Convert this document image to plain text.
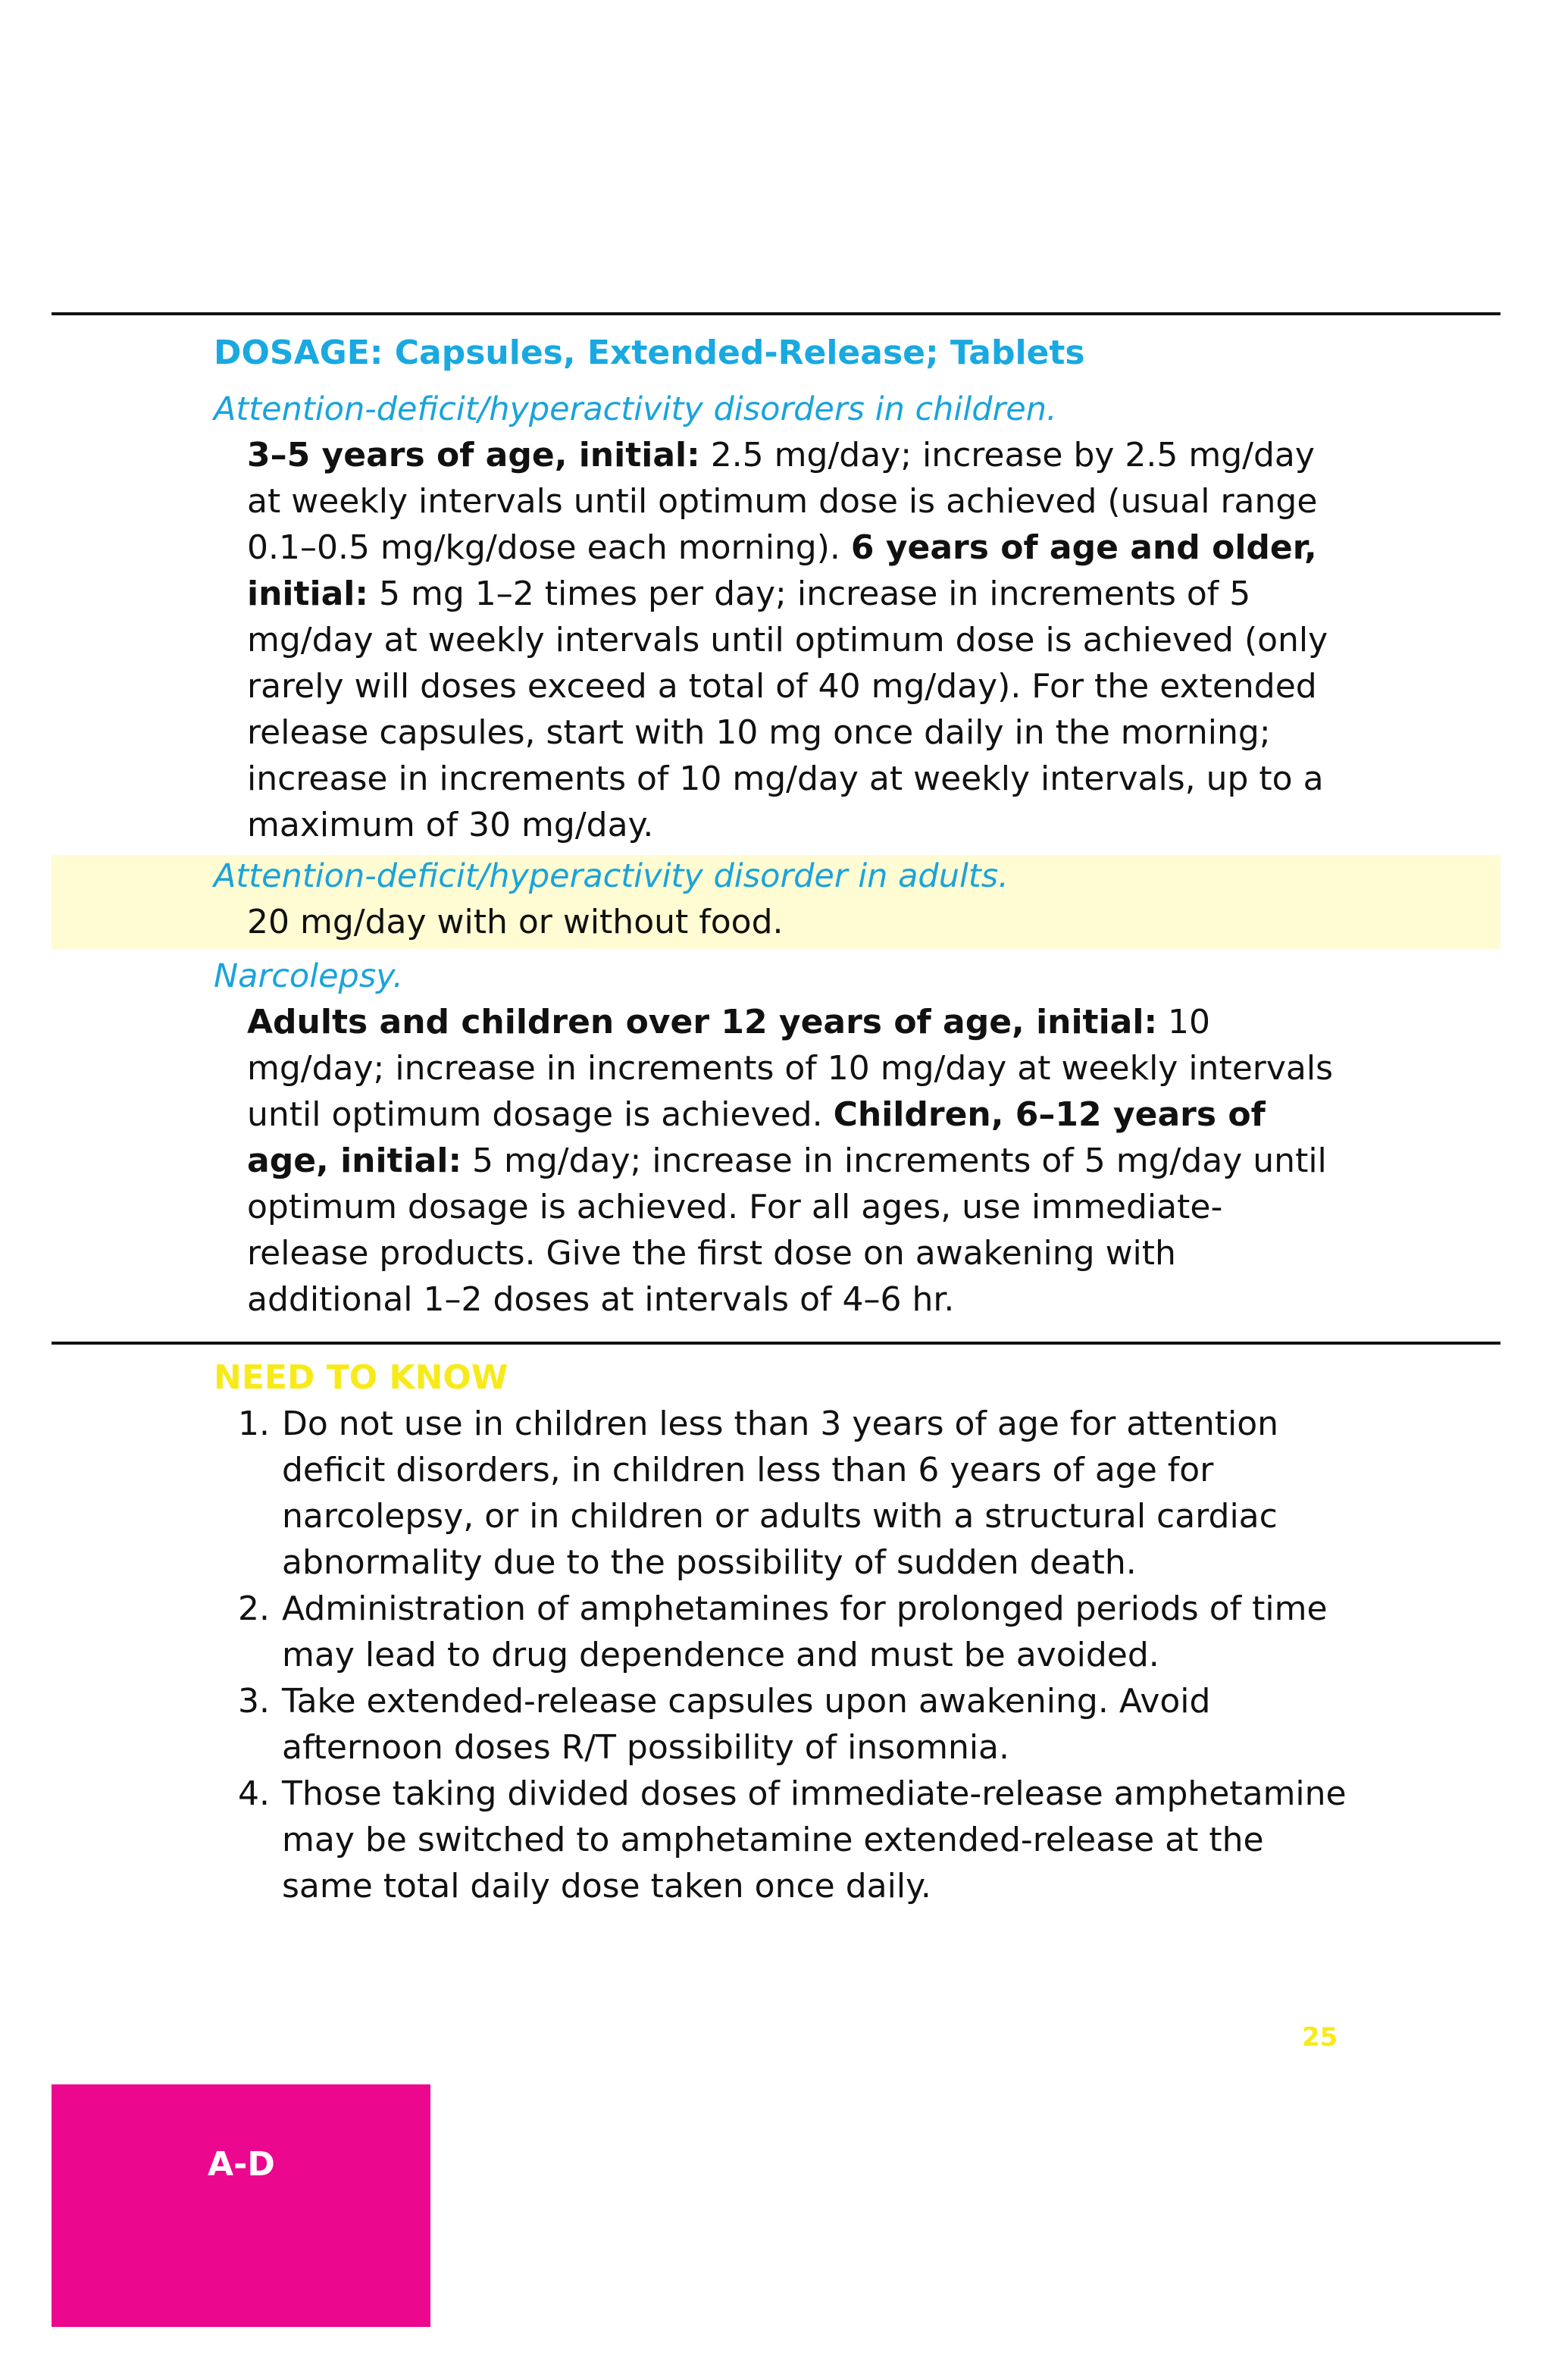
DOSAGE: Capsules, Extended-Release; Tablets
Attention-deficit/hyperactivity disorders in children.
3–5 years of age, initial: 2.5 mg/day; increase by 2.5 mg/day at weekly intervals until optimum dose is achieved (usual range 0.1–0.5 mg/kg/dose each morning). 6 years of age and older, initial: 5 mg 1–2 times per day; increase in increments of 5 mg/day at weekly intervals until optimum dose is achieved (only rarely will doses exceed a total of 40 mg/day). For the extended release capsules, start with 10 mg once daily in the morning; increase in increments of 10 mg/day at weekly intervals, up to a maximum of 30 mg/day.
Attention-deficit/hyperactivity disorder in adults.
20 mg/day with or without food.
Narcolepsy.
Adults and children over 12 years of age, initial: 10 mg/day; increase in increments of 10 mg/day at weekly intervals until optimum dosage is achieved. Children, 6–12 years of age, initial: 5 mg/day; increase in increments of 5 mg/day until optimum dosage is achieved. For all ages, use immediate-release products. Give the first dose on awakening with additional 1–2 doses at intervals of 4–6 hr.
NEED TO KNOW
1. Do not use in children less than 3 years of age for attention deficit disorders, in children less than 6 years of age for narcolepsy, or in children or adults with a structural cardiac abnormality due to the possibility of sudden death.
2. Administration of amphetamines for prolonged periods of time may lead to drug dependence and must be avoided.
3. Take extended-release capsules upon awakening. Avoid afternoon doses R/T possibility of insomnia.
4. Those taking divided doses of immediate-release amphetamine may be switched to amphetamine extended-release at the same total daily dose taken once daily.
25
A-D
